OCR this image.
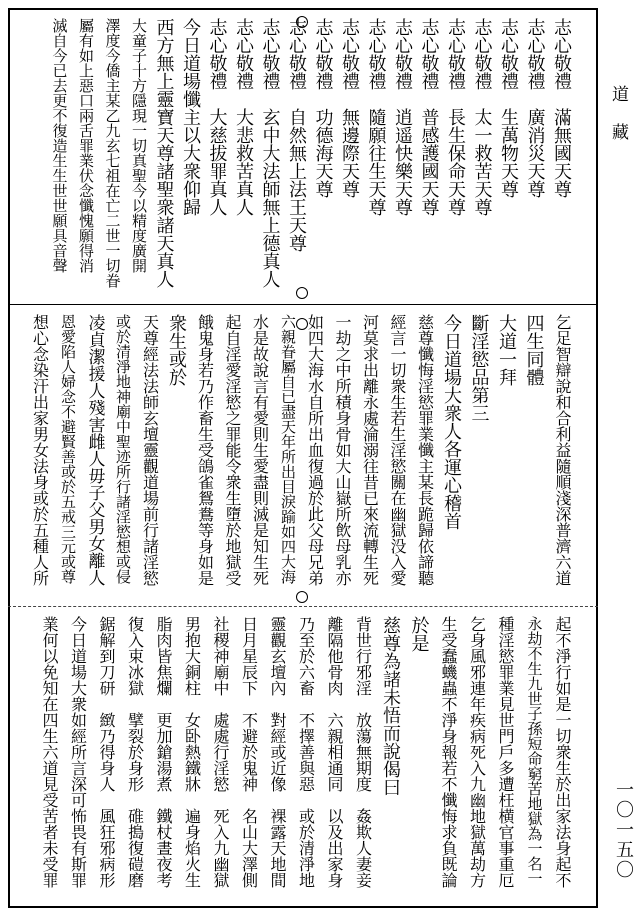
道
藏
一〇一五〇
志心敬禮　滿無國天尊
志心敬禮　廣消災天尊
志心敬禮　生萬物天尊
志心敬禮　太一救苦天尊
志心敬禮　長生保命天尊
志心敬禮　普感護國天尊
志心敬禮　逍遥快樂天尊
志心敬禮　隨願往生天尊
志心敬禮　無邊際天尊
志心敬禮　功德海天尊
志心敬禮　自然無上法王天尊
志心敬禮　玄中大法師無上德真人
志心敬禮　大悲救苦真人
志心敬禮　大慈拔罪真人
今日道場懺主以大衆仰歸
西方無上靈寶天尊諸聖衆諸天真人
大童子十方隱現一切真聖今以精度廣開
澤度今僑主某乙九玄七祖在亡二世一切眷
屬有如上惡口兩舌罪業伏念懺愧願得消
滅自今已去更不復造生生世世願具音聲
乞足智辯說和合利益隨順淺深普濟六道
四生同體
大道一拜
斷淫慾品第三
今日道場大衆人各運心稽首
慈尊懺悔淫慾罪業懺主某長跪歸依諦聽
經言一切衆生若生淫慾關在幽獄没入愛
河莫求出離永處淪溺往昔已來流轉生死
一劫之中所積身骨如大山嶽所飲母乳亦
如四大海水自所出血復過於此父母兄弟
六親眷屬自已盡天年所出目淚踰如四大海
水是故說言有愛則生愛盡則滅是知生死
起自淫愛淫慾之罪能令衆生墮於地獄受
餓鬼身若乃作畜生受鴿雀鴛鴦等身如是
衆生或於
天尊經法法師玄壇靈觀道場前行諸淫慾
或於清淨地神廟中聖迹所行諸淫慾想或侵
凌貞潔援人殘害雌人毋子父男女離人
恩愛陷人婦念不避賢善或於五戒三元或尊
想心念染汗出家男女法身或於五種人所
起不淨行如是一切衆生於出家法身起不
永劫不生九世子孫短命窮苦地獄為一名一
種淫慾罪業見世門戶多遭枉横官事重厄
乞身風邪連年疾病死入九幽地獄萬劫方
生受蠢蟣蟲不淨身報若不懺悔求負既論
於是
慈尊為諸未悟而說偈曰
背世行邪淫　放蕩無期度　姦欺人妻妾
離隔他骨肉　六親相通同　以及出家身
乃至於六畜　不擇善與惡　或於清淨地
靈觀玄壇內　對經或近像　裸露天地間
日月星辰下　不避於鬼神　名山大澤側
社稷神廟中　處處行淫慾　死入九幽獄
男抱大銅柱　女卧熱鐵牀　遍身焰火生
脂肉皆焦爛　更加鎗湯煮　鐵杖晝夜考
復入束冰獄　擘裂於身形　碓搗復磑磨
鋸解到刀研　緻乃得身人　風狂邪病形
今日道場大衆如經所言深可怖畏有斯罪
業何以免知在四生六道見受苦者未受罪
